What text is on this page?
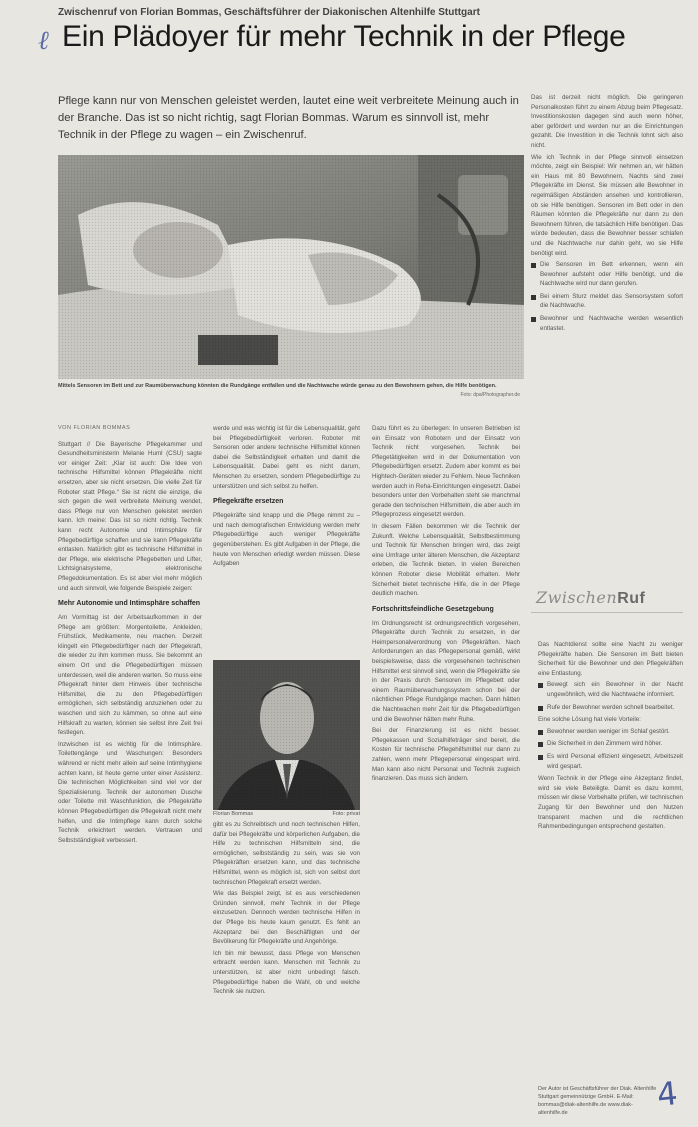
Zwischenruf von Florian Bommas, Geschäftsführer der Diakonischen Altenhilfe Stuttgart
ℓ Ein Plädoyer für mehr Technik in der Pflege
Pflege kann nur von Menschen geleistet werden, lautet eine weit verbreitete Meinung auch in der Branche. Das ist so nicht richtig, sagt Florian Bommas. Warum es sinnvoll ist, mehr Technik in der Pflege zu wagen – ein Zwischenruf.
Mittels Sensoren im Bett und zur Raumüberwachung könnten die Rundgänge entfallen und die Nachtwache würde genau zu den Bewohnern gehen, die Hilfe benötigen.
Foto: dpa/Photographer.de
VON FLORIAN BOMMAS

Stuttgart // Die Bayerische Pflegekammer und Gesundheitsministerin Melanie Huml (CSU) sagte vor einiger Zeit: „Klar ist auch: Die Idee von technische Hilfsmittel können Pflegekräfte nicht ersetzen, aber sie nicht ersetzen. Die vielle Zeit für Roboter statt Pflege.“ Sie ist nicht die einzige, die sich gegen die weit verbreitete Meinung wendet, dass Pflege nur von Menschen geleistet werden kann. Ich meine: Das ist so nicht richtig. Technik kann recht Autonomie und Intimsphäre für Pflegebedürftige schaffen und sie kann Pflegekräfte entlasten. Natürlich gibt es technische Hilfsmittel in der Pflege, wie elektrische Pflegebetten und Lifter, Lichtsignalsysteme, elektronische Pflegedokumentation. Es ist aber viel mehr möglich und auch sinnvoll, wie folgende Beispiele zeigen:

Mehr Autonomie und Intimsphäre schaffen

Am Vormittag ist der Arbeitsaufkommen in der Pflege am größten: Morgentoilette, Ankleiden, Frühstück, Medikamente, neu machen. Derzeit klingelt ein Pflegebedürftiger nach der Pflegekraft, die wieder zu ihm kommen muss. Sie bekommt an einem Ort und die Pflegebedürftigen müssen unterdessen, weil die anderen warten. So muss eine Pflegekraft hinter dem Hinweis über technische Hilfsmittel, die zu den Pflegebedürftigen ermöglichen, sich selbständig anzuziehen oder zu waschen und sich zu kämmen, so ohne auf eine Hilfskraft zu warten, können sie selbst ihre Zeit frei festlegen.

Inzwischen ist es wichtig für die Intimsphäre. Toilettengänge und Waschungen: Besonders während er nicht mehr allein auf seine Intimhygiene achten kann, ist heute gerne unter einer Assistenz. Die technischen Möglichkeiten sind viel vor der Spezialisierung. Technik der autonomen Dusche oder Toilette mit Waschfunktion, die Pflegekräfte können Pflegebedürftigen die Pflegekraft nicht mehr helfen, und die Intimpflege kann durch solche Technik erleichtert werden. Vertrauen und Selbstständigkeit verbessert.

werde und was wichtig ist für die Lebensqualität, geht bei Pflegebedürftigkeit verloren. Roboter mit Sensoren oder andere technische Hilfsmittel können dabei die Selbständigkeit erhalten und damit die Lebensqualität. Dabei geht es nicht darum, Menschen zu ersetzen, sondern Pflegebedürftige zu unterstützen und sich selbst zu helfen.

Pflegekräfte ersetzen

Pflegekräfte sind knapp und die Pflege nimmt zu – und nach demografischen Entwicklung werden mehr Pflegebedürftige auch weniger Pflegekräfte gegenüberstehen. Es gibt Aufgaben in der Pflege, die heute von Menschen erledigt werden müssen. Diese Aufgaben

Florian Bommas	Foto: privat

gibt es zu Schreibtisch und noch technischen Hilfen, dafür bei Pflegekräfte und körperlichen Aufgaben, die Hilfe zu technischen Hilfsmitteln sind, die ermöglichen, selbstständig zu sein, was sie von Pflegekräften ersetzen kann, und das technische Hilfsmittel, wenn es möglich ist, sich von selbst dort technischen Pflegekraft ersetzt werden.

Wie das Beispiel zeigt, ist es aus verschiedenen Gründen sinnvoll, mehr Technik in der Pflege einzusetzen. Dennoch werden technische Hilfen in der Pflege bis heute kaum genutzt. Es fehlt an Akzeptanz bei den Beschäftigten und der Bevölkerung für Pflegekräfte und Angehörige.

Ich bin mir bewusst, dass Pflege von Menschen erbracht werden kann. Menschen mit Technik zu unterstützen, ist aber nicht unbedingt falsch. Pflegebedürftige haben die Wahl, ob und welche Technik sie nutzen.

Dazu führt es zu überlegen: In unseren Betrieben ist ein Einsatz von Robotern und der Einsatz von Technik nicht vorgesehen. Technik bei Pflegetätigkeiten wird in der Dokumentation von Pflegebedürftigen ersetzt. Zudem aber kommt es bei Hightech-Geräten wieder zu Fehlern. Neue Techniken werden auch in Reha-Einrichtungen eingesetzt. Dabei besonders unter den Vorbehalten steht sie manchmal gerade den technischen Hilfsmitteln, die aber auch im Pflegeprozess eingesetzt werden.

In diesem Fällen bekommen wir die Technik der Zukunft. Welche Lebensqualität, Selbstbestimmung und Technik für Menschen bringen wird, das zeigt eine Umfrage unter älteren Menschen, die Akzeptanz erleben, die Technik bieten. In vielen Bereichen können Roboter diese Mobilität erhalten. Mehr Sicherheit bietet technische Hilfe, die in der Pflege deutlich machen.

Fortschrittsfeindliche Gesetzgebung

Im Ordnungsrecht ist ordnungsrechtlich vorgesehen, Pflegekräfte durch Technik zu ersetzen, in der Heimpersonalverordnung von Pflegekräften. Nach Anforderungen an das Pflegepersonal gemäß, wirkt beispielsweise, dass die vorgesehenen technischen Hilfsmittel erst sinnvoll sind, wenn die Pflegekräfte sie in der Praxis durch Sensoren im Pflegebett oder einem Raumüberwachungssystem schon bei der nächtlichen Pflege Rundgänge machen. Dann hätten die Nachtwachen mehr Zeit für die Pflegebedürftigen und die Bewohner hätten mehr Ruhe.

Bei der Finanzierung ist es nicht besser. Pflegekassen und Sozialhilfeträger sind bereit, die Kosten für technische Pflegehilfsmittel nur dann zu zahlen, wenn mehr Pflegepersonal eingespart wird. Man kann also nicht Personal und Technik zugleich finanzieren. Das muss sich ändern.

Das ist derzeit nicht möglich. Die geringeren Personalkosten führt zu einem Abzug beim Pflegesatz. Investitionskosten dagegen sind auch wenn höher, aber gefördert und werden nur an die Einrichtungen gezahlt. Die Investition in die Technik lohnt sich also nicht.

Wie ich Technik in der Pflege sinnvoll einsetzen möchte, zeigt ein Beispiel: Wir nehmen an, wir hätten ein Haus mit 80 Bewohnern. Nachts sind zwei Pflegekräfte im Dienst. Sie müssen alle Bewohner in regelmäßigen Abständen ansehen und kontrollieren, ob sie Hilfe benötigen. Sensoren im Bett oder in den Räumen könnten die Pflegekräfte nur dann zu den Bewohnern führen, die tatsächlich Hilfe benötigen. Das würde bedeuten, dass die Bewohner besser schlafen und die Nachtwache nur dahin geht, wo sie Hilfe benötigt wird.

Die Sensoren im Bett erkennen, wenn ein Bewohner aufsteht oder Hilfe benötigt, und die Nachtwache wird nur dann gerufen.
Bei einem Sturz meldet das Sensorsystem sofort die Nachtwache.
Bewohner und Nachtwache werden wesentlich entlastet.
ZwischenRuf

Das Nachtdienst sollte eine Nacht zu weniger Pflegekräfte haben. Die Sensoren im Bett bieten Sicherheit für die Bewohner und den Pflegekräften eine Entlastung.

Bewegt sich ein Bewohner in der Nacht ungewöhnlich, wird die Nachtwache informiert.
Rufe der Bewohner werden schnell bearbeitet.

Eine solche Lösung hat viele Vorteile:

Bewohner werden weniger im Schlaf gestört.
Die Sicherheit in den Zimmern wird höher.
Es wird Personal effizient eingesetzt, Arbeitszeit wird gespart.

Wenn Technik in der Pflege eine Akzeptanz findet, wird sie viele Beteiligte. Damit es dazu kommt, müssen wir diese Vorbehalte prüfen, wir technischen Zugang für den Bewohner und den Nutzen transparent machen und die rechtlichen Rahmenbedingungen entsprechend gestalten.

Der Autor ist Geschäftsführer der Diak. Altenhilfe Stuttgart gemeinnützige GmbH. E-Mail: bommas@diak-altenhilfe.de www.diak-altenhilfe.de	4
